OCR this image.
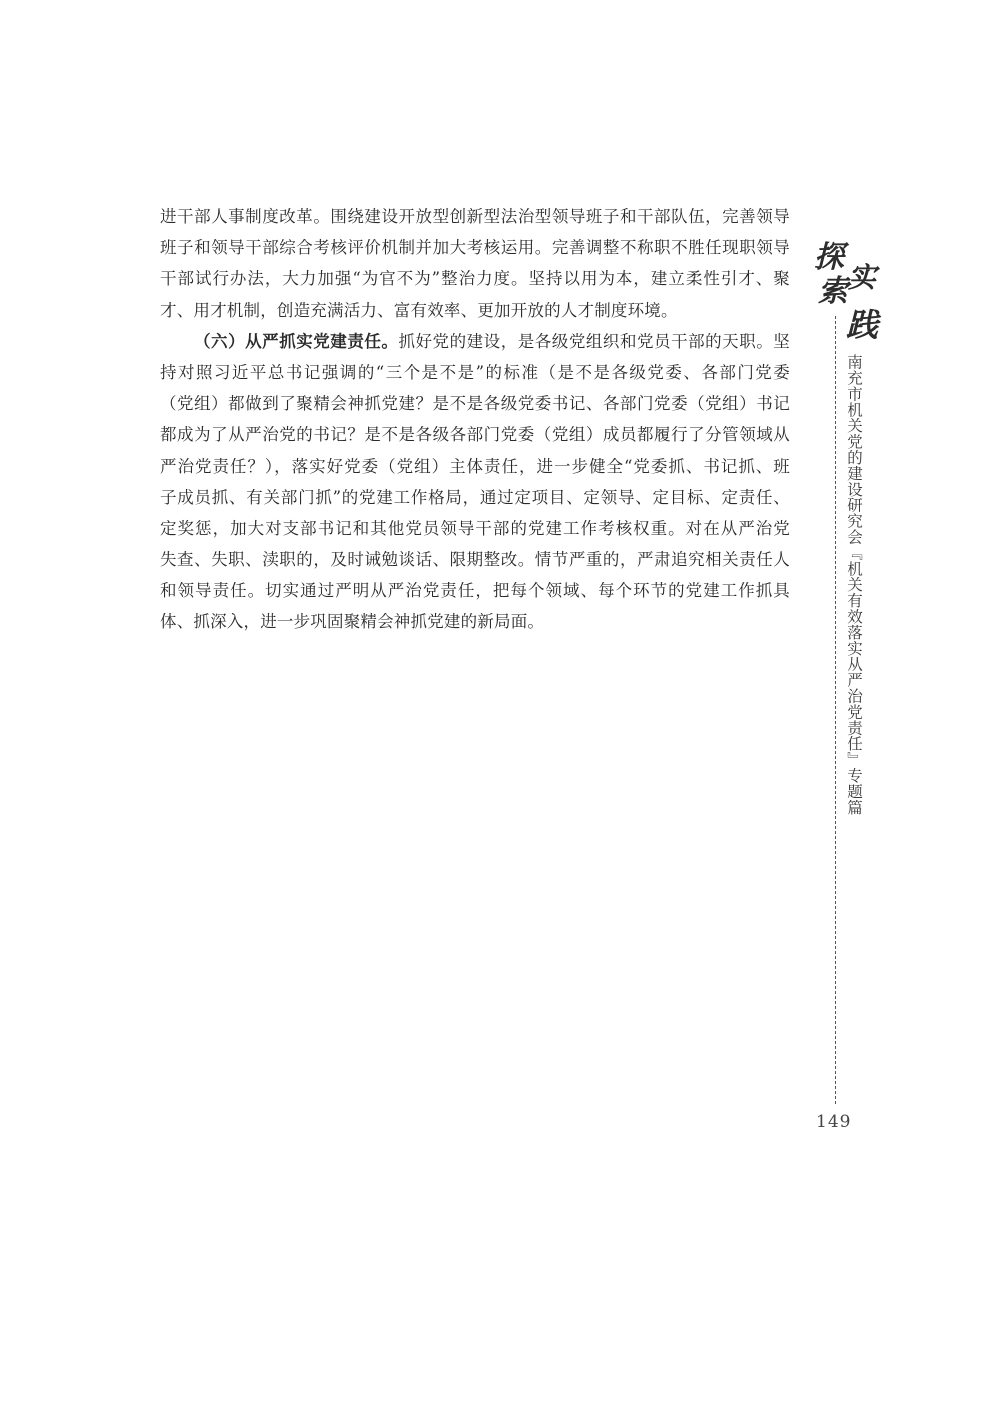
进干部人事制度改革。围绕建设开放型创新型法治型领导班子和干部队伍，完善领导
班子和领导干部综合考核评价机制并加大考核运用。完善调整不称职不胜任现职领导
干部试行办法，大力加强“为官不为”整治力度。坚持以用为本，建立柔性引才、聚
才、用才机制，创造充满活力、富有效率、更加开放的人才制度环境。
（六）从严抓实党建责任。抓好党的建设，是各级党组织和党员干部的天职。坚
持对照习近平总书记强调的“三个是不是”的标准（是不是各级党委、各部门党委
（党组）都做到了聚精会神抓党建？是不是各级党委书记、各部门党委（党组）书记
都成为了从严治党的书记？是不是各级各部门党委（党组）成员都履行了分管领域从
严治党责任？），落实好党委（党组）主体责任，进一步健全“党委抓、书记抓、班
子成员抓、有关部门抓”的党建工作格局，通过定项目、定领导、定目标、定责任、
定奖惩，加大对支部书记和其他党员领导干部的党建工作考核权重。对在从严治党
失查、失职、渎职的，及时诫勉谈话、限期整改。情节严重的，严肃追究相关责任人
和领导责任。切实通过严明从严治党责任，把每个领域、每个环节的党建工作抓具
体、抓深入，进一步巩固聚精会神抓党建的新局面。
探
索 实
践
南充市机关党的建设研究会『机关有效落实从严治党责任』专题篇
149
